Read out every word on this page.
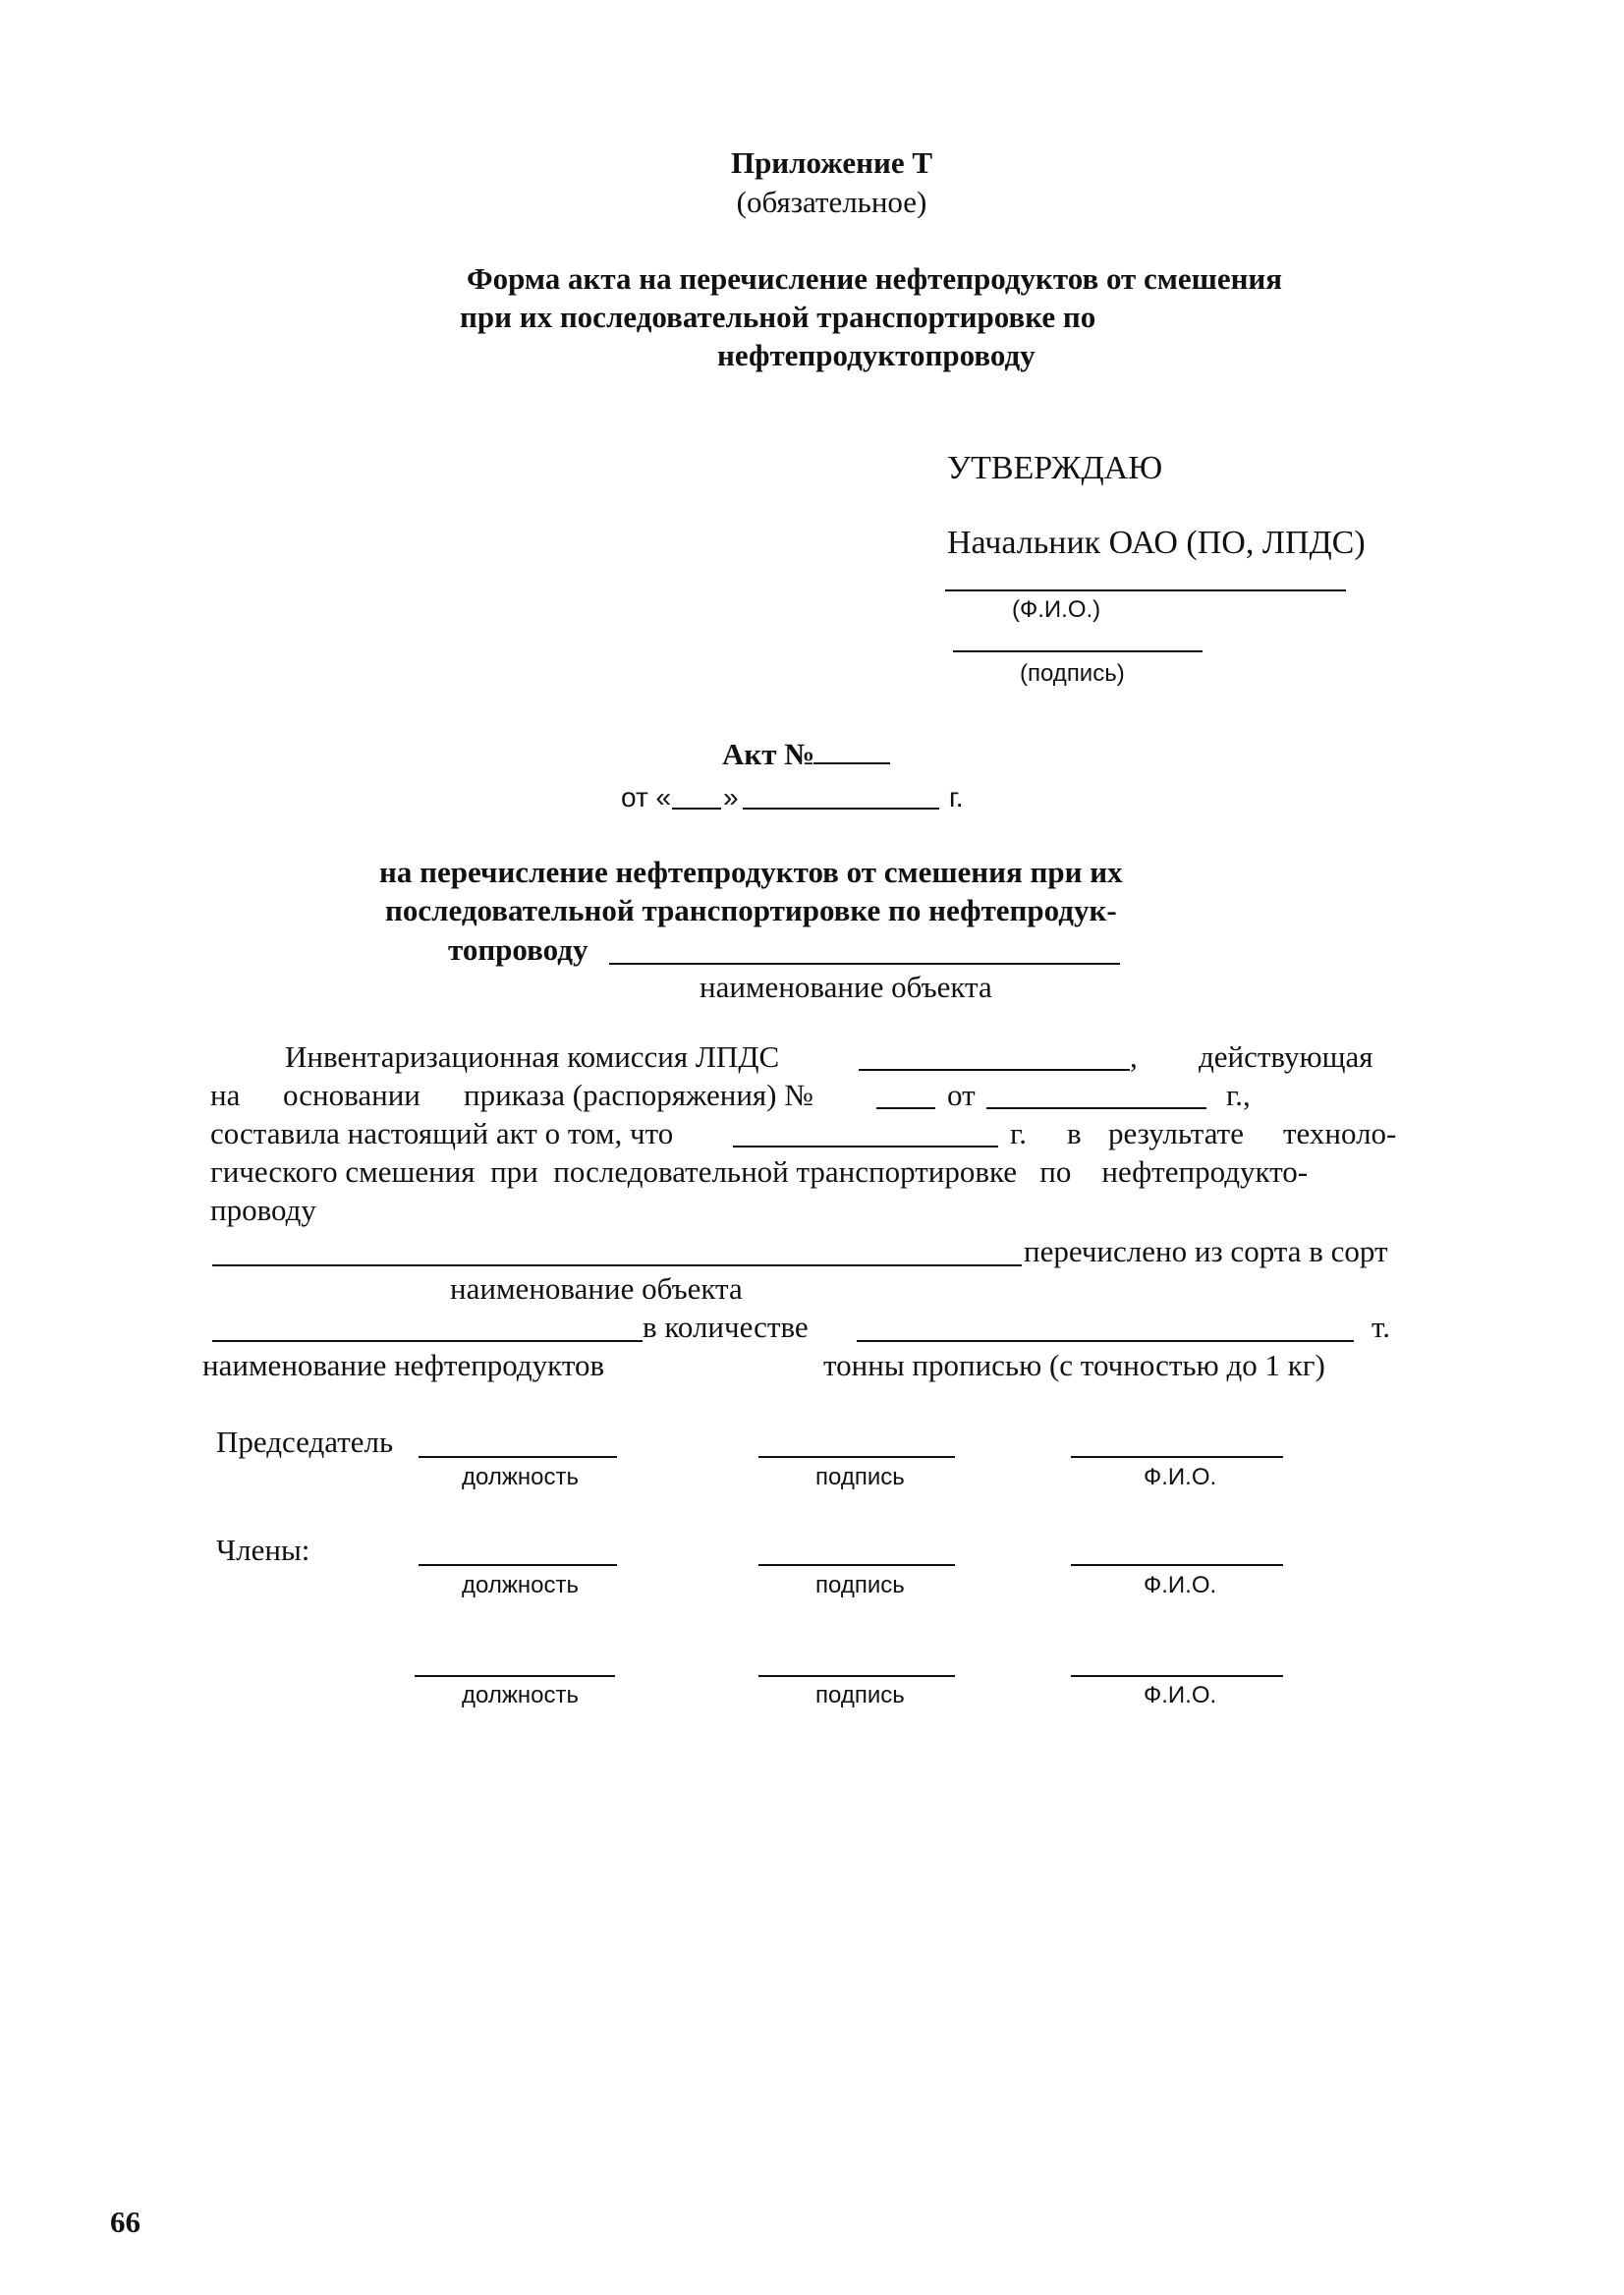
Приложение Т
(обязательное)
Форма акта на перечисление нефтепродуктов от смешения
при их последовательной транспортировке по
нефтепродуктопроводу
УТВЕРЖДАЮ
Начальник ОАО (ПО, ЛПДС)
(Ф.И.О.)
(подпись)
Акт №
от « »	г.
на перечисление нефтепродуктов от смешения при их
последовательной транспортировке по нефтепродук-
топроводу
наименование объекта
Инвентаризационная комиссия ЛПДС	, действующая
на основании приказа (распоряжения) №	от	г.,
составила настоящий акт о том, что	г. в результате техноло-
гического смешения  при  последовательной транспортировке   по    нефтепродукто-
проводу
перечислено из сорта в сорт
наименование объекта
в количестве	т.
наименование нефтепродуктов	тонны прописью (с точностью до 1 кг)
Председатель
должность	подпись	Ф.И.О.
Члены:
должность	подпись	Ф.И.О.
должность	подпись	Ф.И.О.
66
